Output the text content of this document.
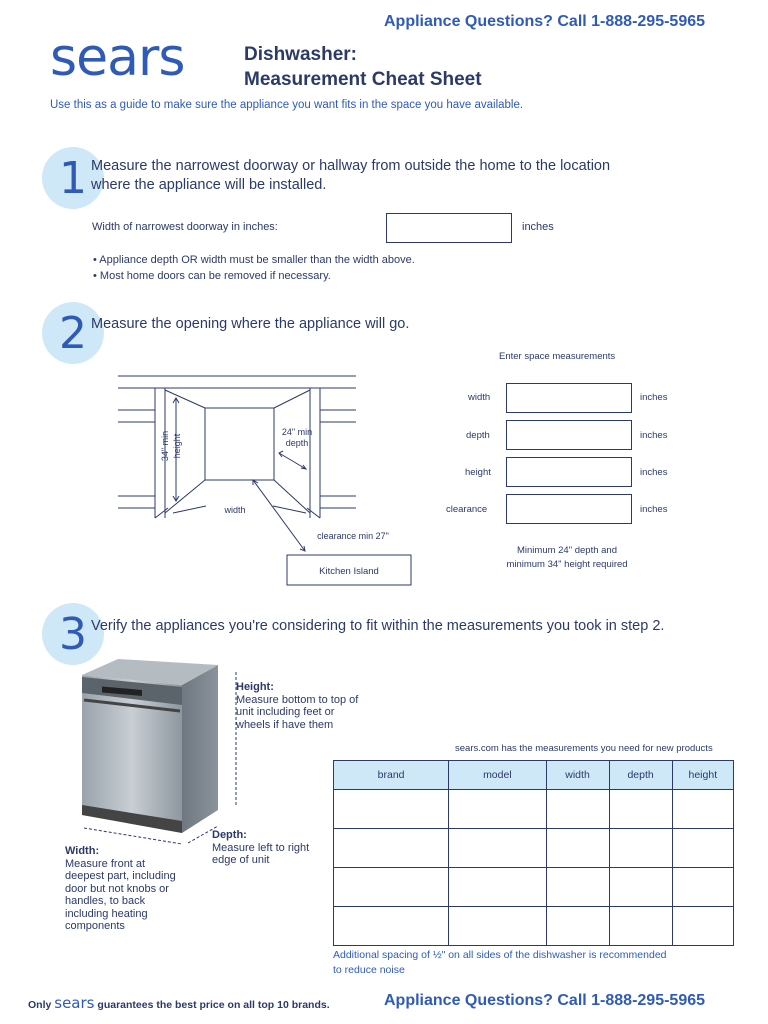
Appliance Questions? Call 1-888-295-5965
sears	Dishwasher:
Measurement Cheat Sheet
Use this as a guide to make sure the appliance you want fits in the space you have available.
1 Measure the narrowest doorway or hallway from outside the home to the location
where the appliance will be installed.
Width of narrowest doorway in inches:	inches
• Appliance depth OR width must be smaller than the width above.
• Most home doors can be removed if necessary.
2 Measure the opening where the appliance will go.
34" min height
24" min
depth
width
clearance min 27"
Kitchen Island
Enter space measurements
width	inches
depth	inches
height	inches
clearance	inches
Minimum 24" depth and
minimum 34" height required
3 Verify the appliances you're considering to fit within the measurements you took in step 2.
Height:
Measure bottom to top of
unit including feet or
wheels if have them
Depth:
Measure left to right
edge of unit
Width:
Measure front at
deepest part, including
door but not knobs or
handles, to back
including heating
components
sears.com has the measurements you need for new products
brand	model	width	depth	height

Additional spacing of ½" on all sides of the dishwasher is recommended
to reduce noise
Only sears guarantees the best price on all top 10 brands.	Appliance Questions? Call 1-888-295-5965
